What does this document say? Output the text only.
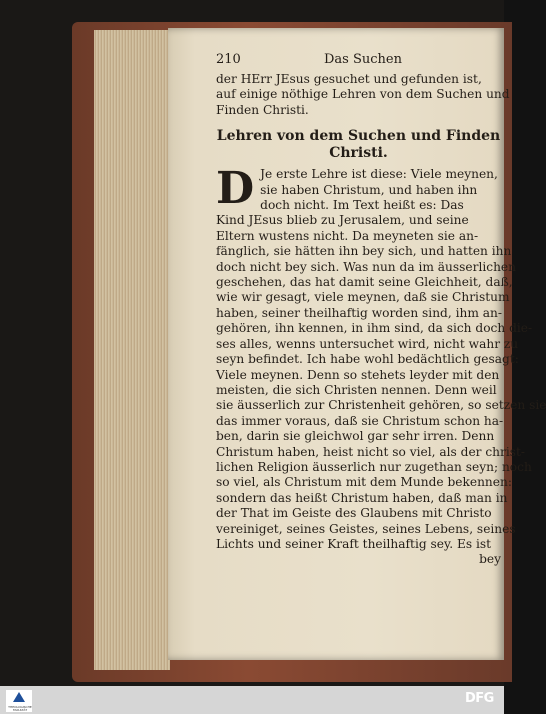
210	Das Suchen
der HErr JEsus gesuchet und gefunden ist,
auf einige nöthige Lehren von dem Suchen und
Finden Christi.
Lehren von dem Suchen und Finden
Christi.
D Je erste Lehre ist diese: Viele meynen,
sie haben Christum, und haben ihn
doch nicht. Im Text heißt es: Das
Kind JEsus blieb zu Jerusalem, und seine
Eltern wustens nicht. Da meyneten sie an-
fänglich, sie hätten ihn bey sich, und hatten ihn
doch nicht bey sich. Was nun da im äusserlichen
geschehen, das hat damit seine Gleichheit, daß,
wie wir gesagt, viele meynen, daß sie Christum
haben, seiner theilhaftig worden sind, ihm an-
gehören, ihn kennen, in ihm sind, da sich doch die-
ses alles, wenns untersuchet wird, nicht wahr zu
seyn befindet. Ich habe wohl bedächtlich gesagt:
Viele meynen. Denn so stehets leyder mit den
meisten, die sich Christen nennen. Denn weil
sie äusserlich zur Christenheit gehören, so setzen sie
das immer voraus, daß sie Christum schon ha-
ben, darin sie gleichwol gar sehr irren. Denn
Christum haben, heist nicht so viel, als der christ-
lichen Religion äusserlich nur zugethan seyn; noch
so viel, als Christum mit dem Munde bekennen:
sondern das heißt Christum haben, daß man in
der That im Geiste des Glaubens mit Christo
vereiniget, seines Geistes, seines Lebens, seines
Lichts und seiner Kraft theilhaftig sey. Es ist
bey
THEOLOGISCHE FAKULTÄT
DFG
